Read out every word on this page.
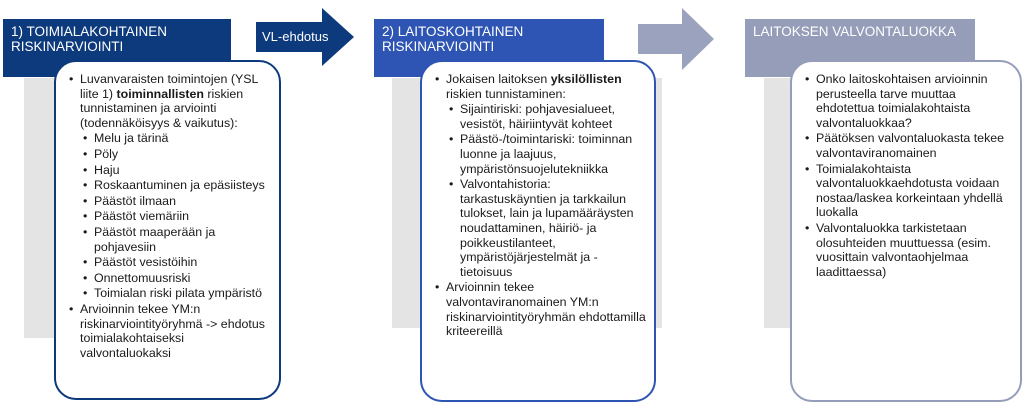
1) TOIMIALAKOHTAINEN RISKINARVIOINTI
• Luvanvaraisten toimintojen (YSL liite 1) toiminnallisten riskien tunnistaminen ja arviointi (todennäköisyys & vaikutus):
• Melu ja tärinä
• Pöly
• Haju
• Roskaantuminen ja epäsiisteys
• Päästöt ilmaan
• Päästöt viemäriin
• Päästöt maaperään ja pohjavesiin
• Päästöt vesistöihin
• Onnettomuusriski
• Toimialan riski pilata ympäristö
• Arvioinnin tekee YM:n riskinarviointityöryhmä -> ehdotus toimialakohtaiseksi valvontaluokaksi
VL-ehdotus	2) LAITOSKOHTAINEN RISKINARVIOINTI
• Jokaisen laitoksen yksilöllisten riskien tunnistaminen:
• Sijaintiriski: pohjavesialueet, vesistöt, häiriintyvät kohteet
• Päästö-/toimintariski: toiminnan luonne ja laajuus, ympäristönsuojelutekniikka
• Valvontahistoria: tarkastuskäyntien ja tarkkailun tulokset, lain ja lupamääräysten noudattaminen, häiriö- ja poikkeustilanteet, ympäristöjärjestelmät ja -tietoisuus
• Arvioinnin tekee valvontaviranomainen YM:n riskinarviointityöryhmän ehdottamilla kriteereillä
LAITOKSEN VALVONTALUOKKA
• Onko laitoskohtaisen arvioinnin perusteella tarve muuttaa ehdotettua toimialakohtaista valvontaluokkaa?
• Päätöksen valvontaluokasta tekee valvontaviranomainen
• Toimialakohtaista valvontaluokkaehdotusta voidaan nostaa/laskea korkeintaan yhdellä luokalla
• Valvontaluokka tarkistetaan olosuhteiden muuttuessa (esim. vuosittain valvontaohjelmaa laadittaessa)
